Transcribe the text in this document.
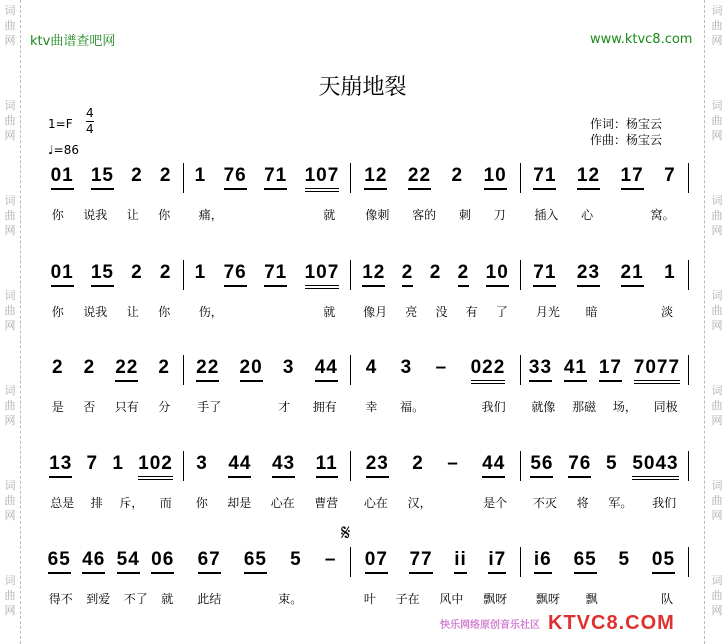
词曲网
词曲网
词曲网
词曲网
词曲网
词曲网
词曲网
词曲网
词曲网
词曲网
词曲网
词曲网
词曲网
词曲网
ktv曲谱查吧网	www.ktvc8.com
天崩地裂
1=F
4
4
♩=86
作词：杨宝云
作曲：杨宝云
𝄋
01 15 2 2
你 说我 让 你
1 76 71 107
痛，	就
12 22 2 10
像刺 客的 刺 刀
71 12 17 7
插入 心	窝。
01 15 2 2
你 说我 让 你
1 76 71 107
伤，	就
12 2 2 2 10
像月 亮 没 有 了
71 23 21 1
月光 暗	淡
2 2 22 2
是 否 只有 分
22 20 3 44
手了	才 拥有
4 3 – 022
幸 福。	我们
33 41 17 7077
就像 那磁 场， 同极
13 7 1 102
总是 排 斥， 而
3 44 43 11
你 却是 心在 曹营
23 2 – 44
心在 汉，	是个
56 76 5 5043
不灭 将 军。 我们
65 46 54 06
得不 到爱 不了 就
67 65 5 –
此结	束。
07 77 ii i7
叶 子在 风中 飘呀
i6 65 5 05
飘呀 飘	队
快乐网络原创音乐社区 KTVC8.COM
